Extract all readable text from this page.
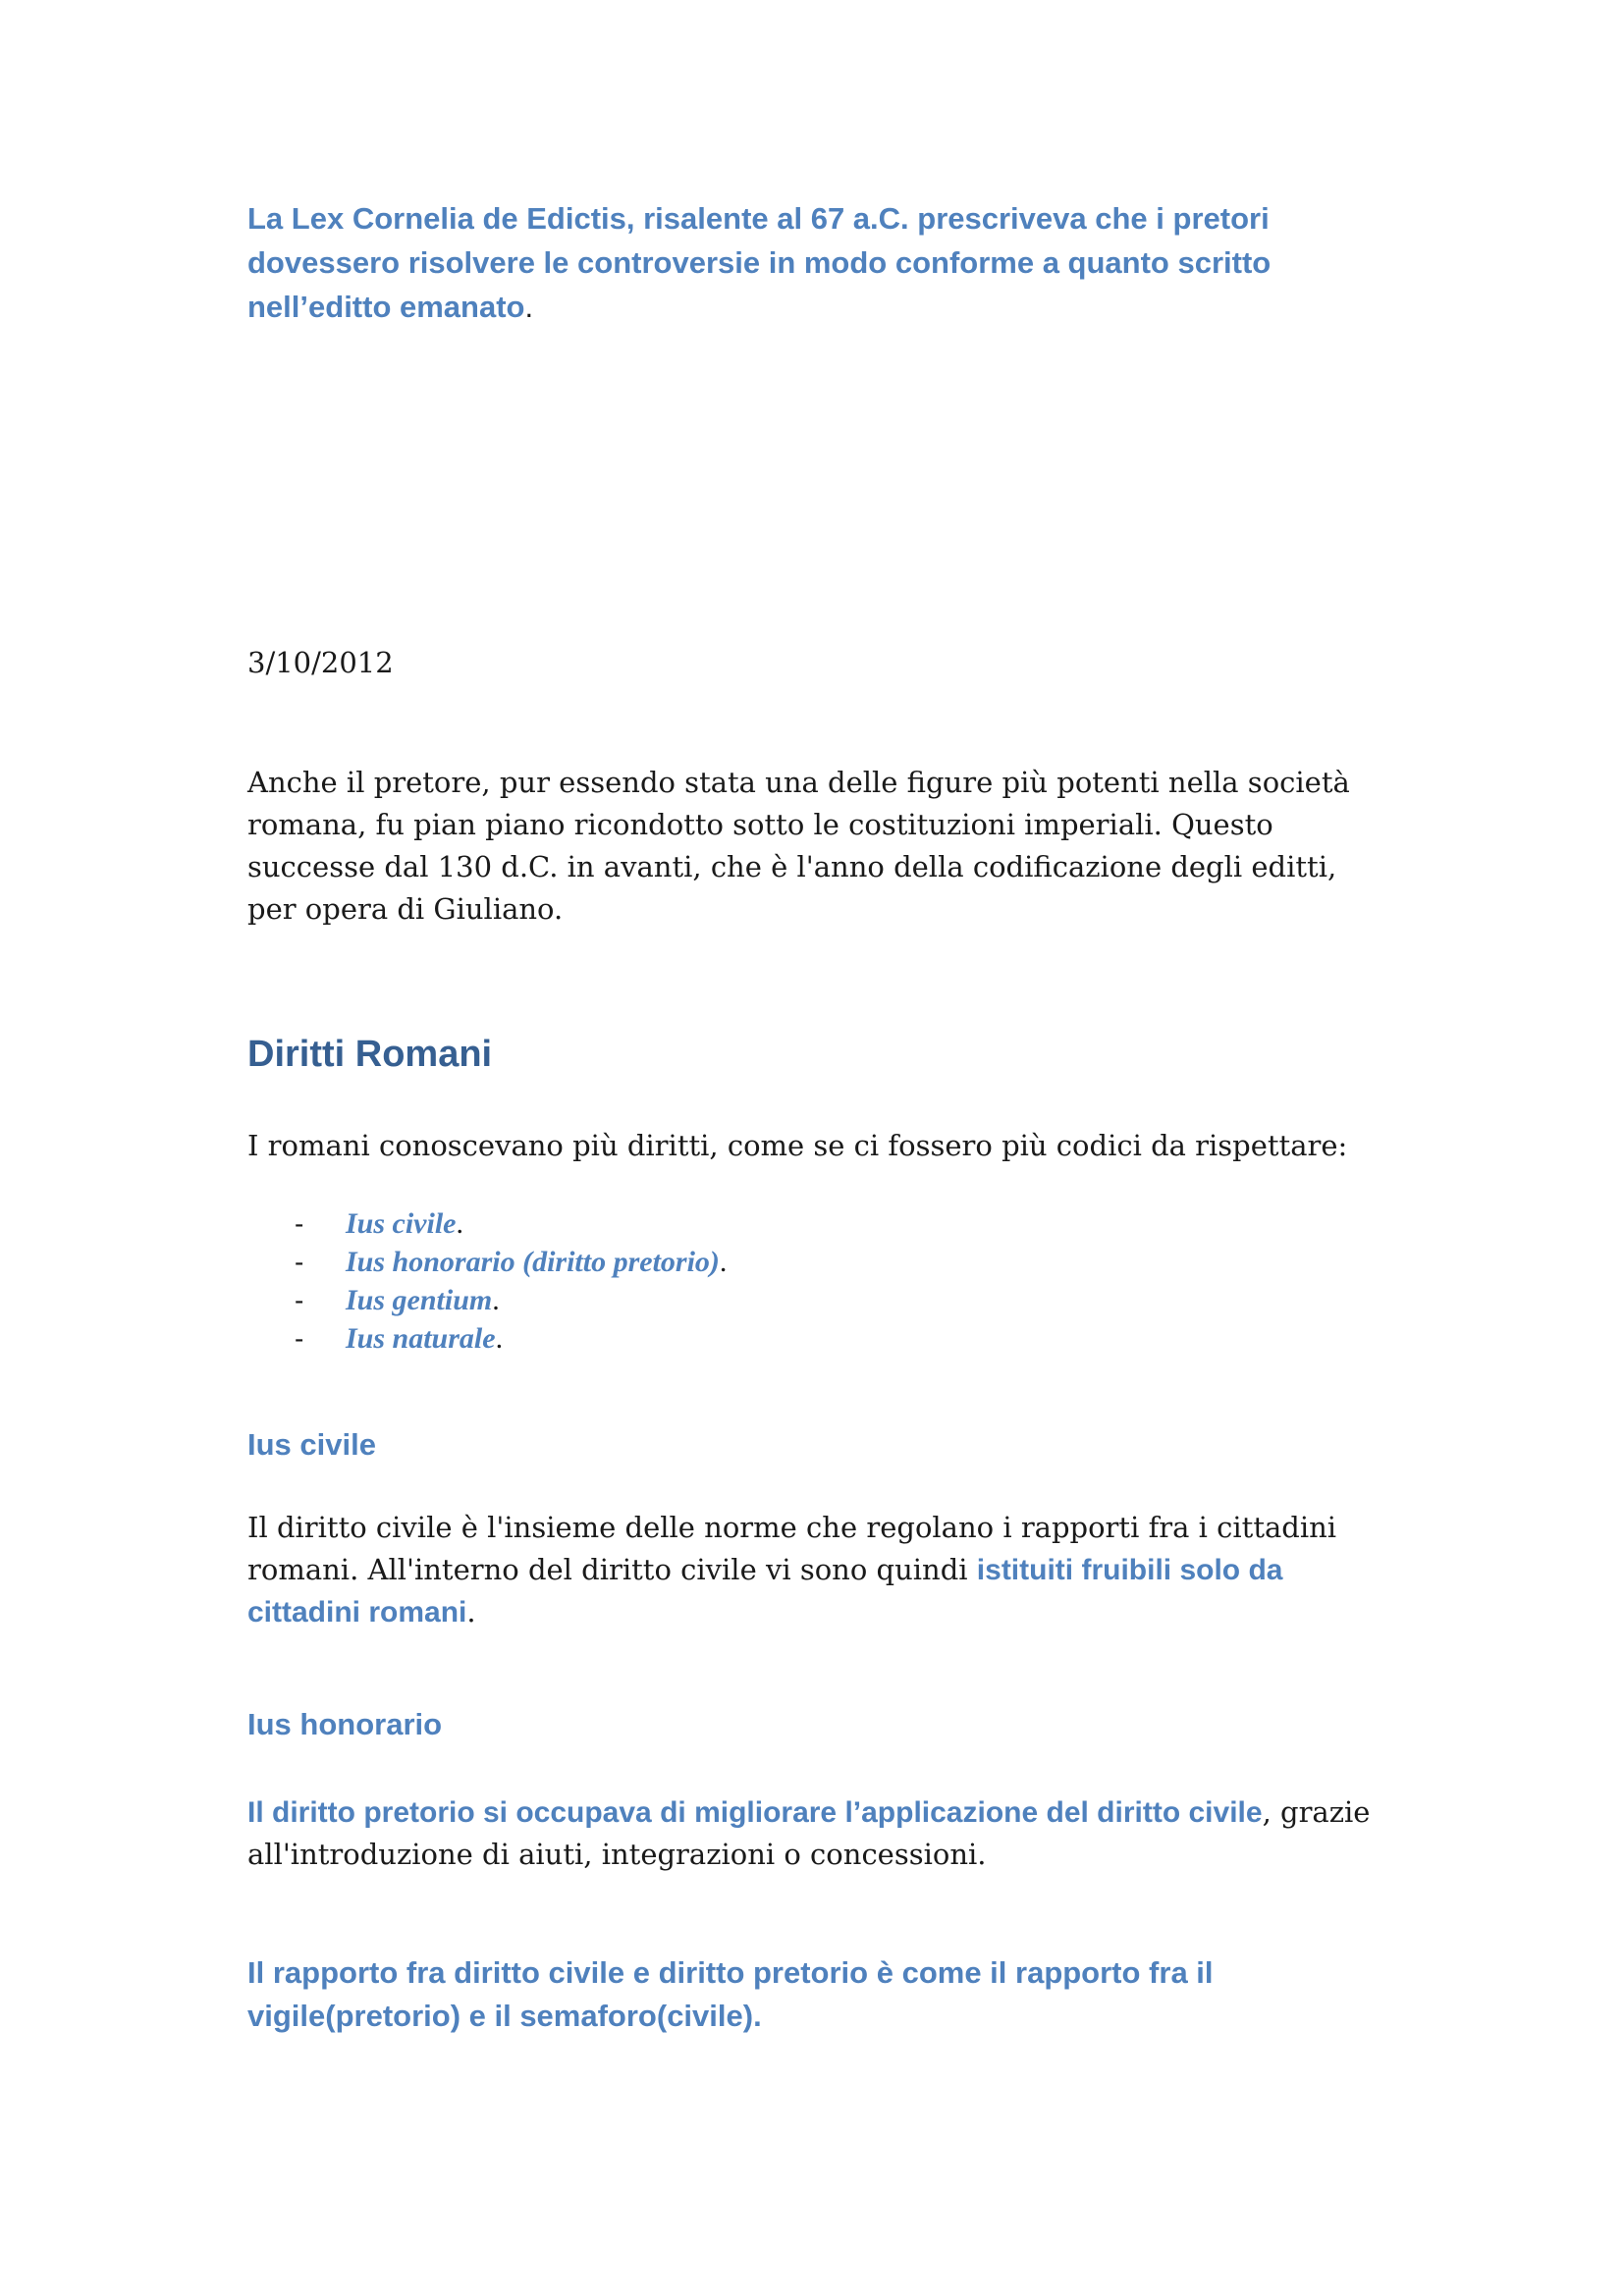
La Lex Cornelia de Edictis, risalente al 67 a.C. prescriveva che i pretori dovessero risolvere le controversie in modo conforme a quanto scritto nell’editto emanato.

3/10/2012

Anche il pretore, pur essendo stata una delle figure più potenti nella società romana, fu pian piano ricondotto sotto le costituzioni imperiali. Questo successe dal 130 d.C. in avanti, che è l'anno della codificazione degli editti, per opera di Giuliano.

Diritti Romani

I romani conoscevano più diritti, come se ci fossero più codici da rispettare:

- Ius civile.
- Ius honorario (diritto pretorio).
- Ius gentium.
- Ius naturale.
Ius civile

Il diritto civile è l'insieme delle norme che regolano i rapporti fra i cittadini romani. All'interno del diritto civile vi sono quindi istituiti fruibili solo da cittadini romani.

Ius honorario

Il diritto pretorio si occupava di migliorare l’applicazione del diritto civile, grazie all'introduzione di aiuti, integrazioni o concessioni.

Il rapporto fra diritto civile e diritto pretorio è come il rapporto fra il vigile(pretorio) e il semaforo(civile).
